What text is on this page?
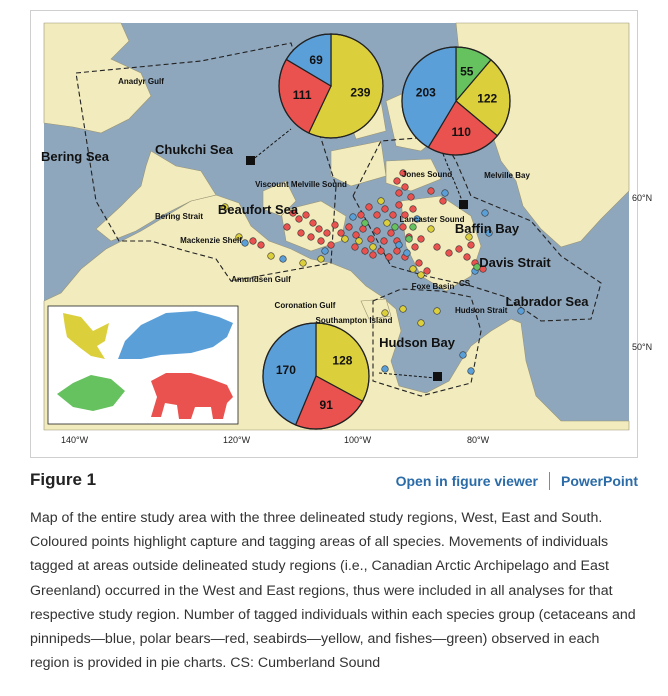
60°N
50°N
140°W	120°W	100°W	80°W
Bering Sea	Chukchi Sea
Beaufort Sea
Baffin Bay
Davis Strait
Labrador Sea
Hudson Bay
Anadyr Gulf
Bering Strait
Mackenzie Shelf
Amundsen Gulf
Viscount Melville Sound
Coronation Gulf
Southampton Island
Lancaster Sound
Jones Sound	Melville Bay
Foxe Basin CS
Hudson Strait
239
111
69
55
122
110
203
128
91
170
Figure 1	Open in figure viewer PowerPoint
Map of the entire study area with the three delineated study regions, West, East and South. Coloured points highlight capture and tagging areas of all species. Movements of individuals tagged at areas outside delineated study regions (i.e., Canadian Arctic Archipelago and East Greenland) occurred in the West and East regions, thus were included in all analyses for that respective study region. Number of tagged individuals within each species group (cetaceans and pinnipeds—blue, polar bears—red, seabirds—yellow, and fishes—green) observed in each region is provided in pie charts. CS: Cumberland Sound
